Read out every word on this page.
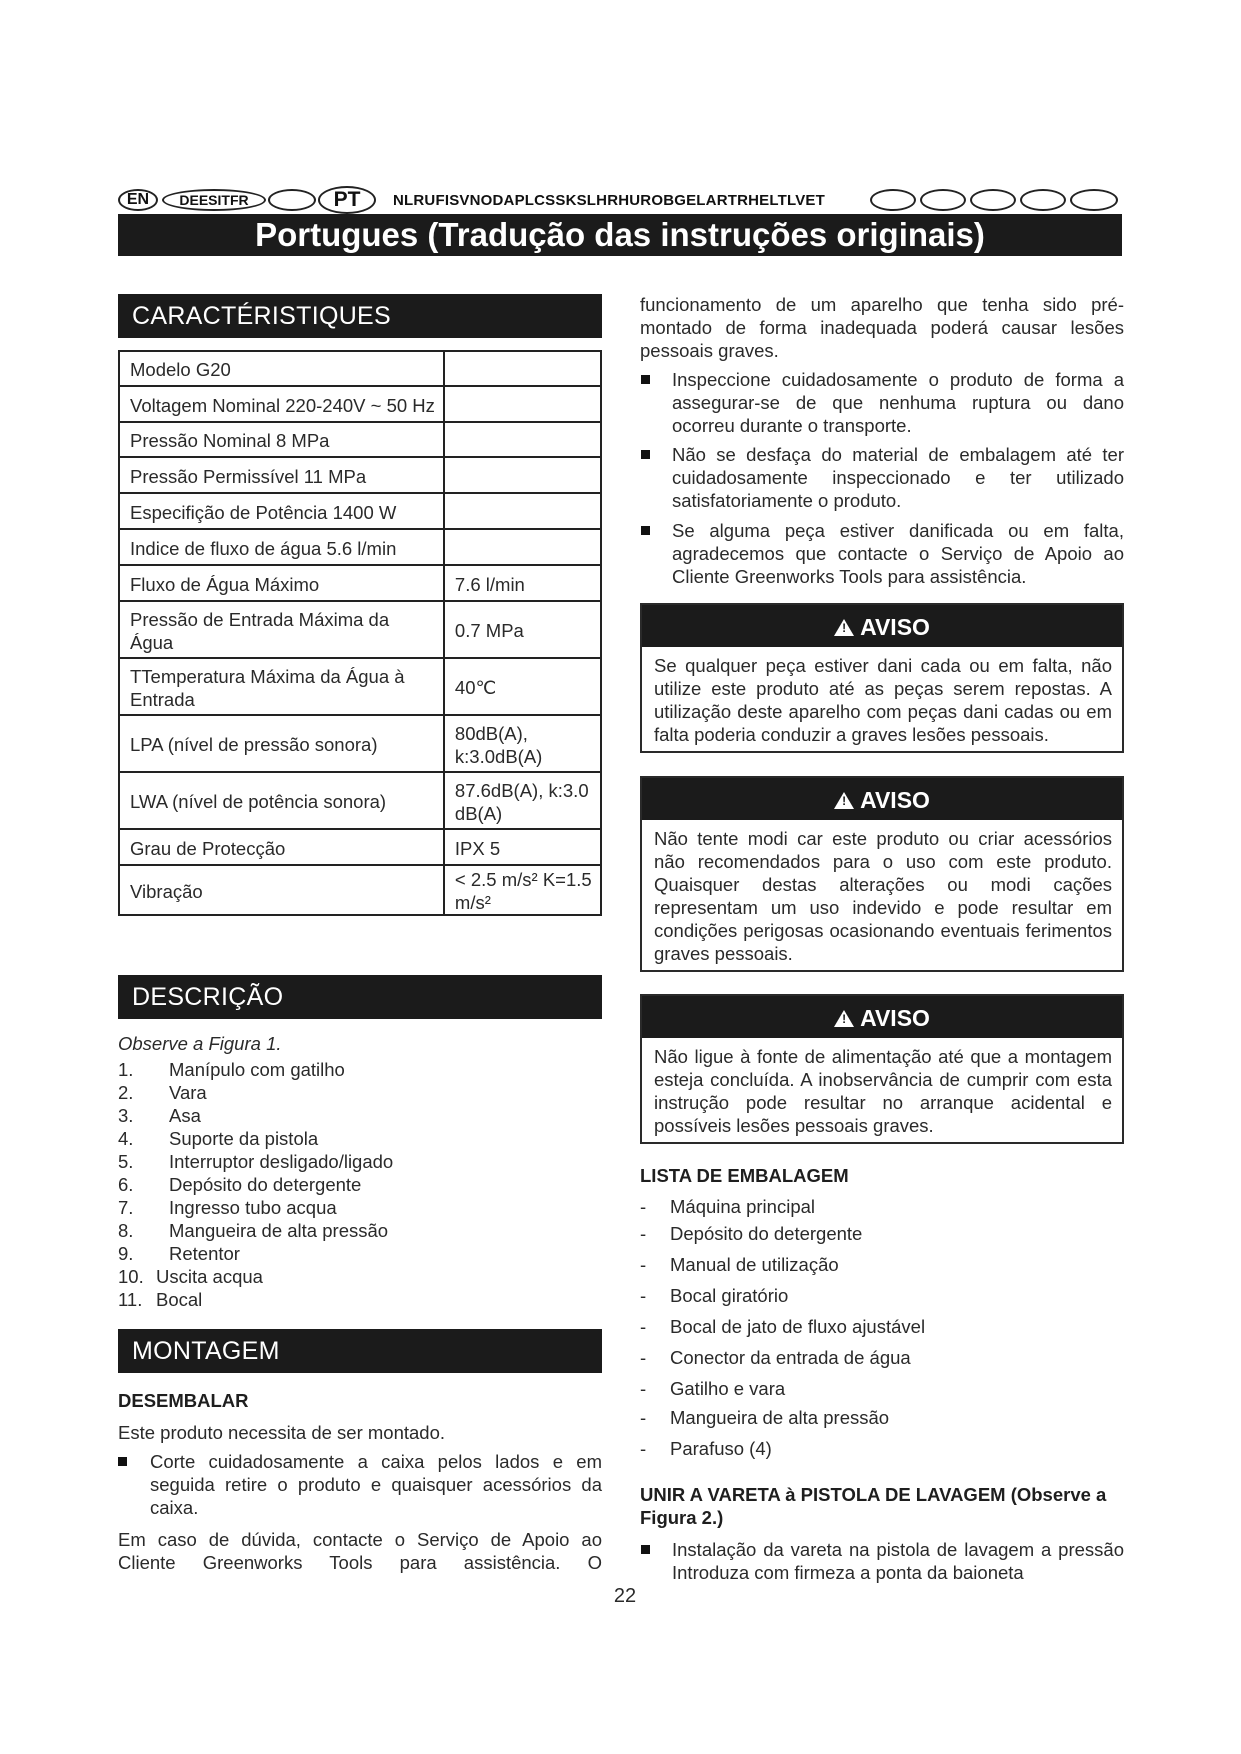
EN	DEESITFR	PT	NLRUFISVNODAPLCSSKSLHRHUROBGELARTRHELTLVET
Portugues (Tradução das instruções originais)
CARACTÉRISTIQUES
Modelo G20	
Voltagem Nominal 220-240V ~ 50 Hz	
Pressão Nominal 8 MPa	
Pressão Permissível 11 MPa	
Especifição de Potência 1400 W	
Indice de fluxo de água 5.6 l/min	
Fluxo de Água Máximo	7.6 l/min
Pressão de Entrada Máxima da Água	0.7 MPa
TTemperatura Máxima da Água à Entrada	40℃
LPA (nível de pressão sonora)	80dB(A), k:3.0dB(A)
LWA (nível de potência sonora)	87.6dB(A), k:3.0 dB(A)
Grau de Protecção	IPX 5
Vibração	< 2.5 m/s² K=1.5 m/s²
DESCRIÇÃO
Observe a Figura 1.
1. Manípulo com gatilho
2. Vara
3. Asa
4. Suporte da pistola
5. Interruptor desligado/ligado
6. Depósito do detergente
7. Ingresso tubo acqua
8. Mangueira de alta pressão
9. Retentor
10. Uscita acqua
11. Bocal
MONTAGEM
DESEMBALAR
Este produto necessita de ser montado.
Corte cuidadosamente a caixa pelos lados e em seguida retire o produto e quaisquer acessórios da caixa.
Em caso de dúvida, contacte o Serviço de Apoio ao Cliente Greenworks Tools para assistência. O
funcionamento de um aparelho que tenha sido pré-montado de forma inadequada poderá causar lesões pessoais graves.
Inspeccione cuidadosamente o produto de forma a assegurar-se de que nenhuma ruptura ou dano ocorreu durante o transporte.
Não se desfaça do material de embalagem até ter cuidadosamente inspeccionado e ter utilizado satisfatoriamente o produto.
Se alguma peça estiver danificada ou em falta, agradecemos que contacte o Serviço de Apoio ao Cliente Greenworks Tools para assistência.
! AVISO
Se qualquer peça estiver dani cada ou em falta, não utilize este produto até as peças serem repostas. A utilização deste aparelho com peças dani cadas ou em falta poderia conduzir a graves lesões pessoais.
! AVISO
Não tente modi car este produto ou criar acessórios não recomendados para o uso com este produto. Quaisquer destas alterações ou modi cações representam um uso indevido e pode resultar em condições perigosas ocasionando eventuais ferimentos graves pessoais.
! AVISO
Não ligue à fonte de alimentação até que a montagem esteja concluída. A inobservância de cumprir com esta instrução pode resultar no arranque acidental e possíveis lesões pessoais graves.
LISTA DE EMBALAGEM
- Máquina principal
- Depósito do detergente
- Manual de utilização
- Bocal giratório
- Bocal de jato de fluxo ajustável
- Conector da entrada de água
- Gatilho e vara
- Mangueira de alta pressão
- Parafuso (4)
UNIR A VARETA à PISTOLA DE LAVAGEM (Observe a Figura 2.)
Instalação da vareta na pistola de lavagem a pressão Introduza com firmeza a ponta da baioneta
22
